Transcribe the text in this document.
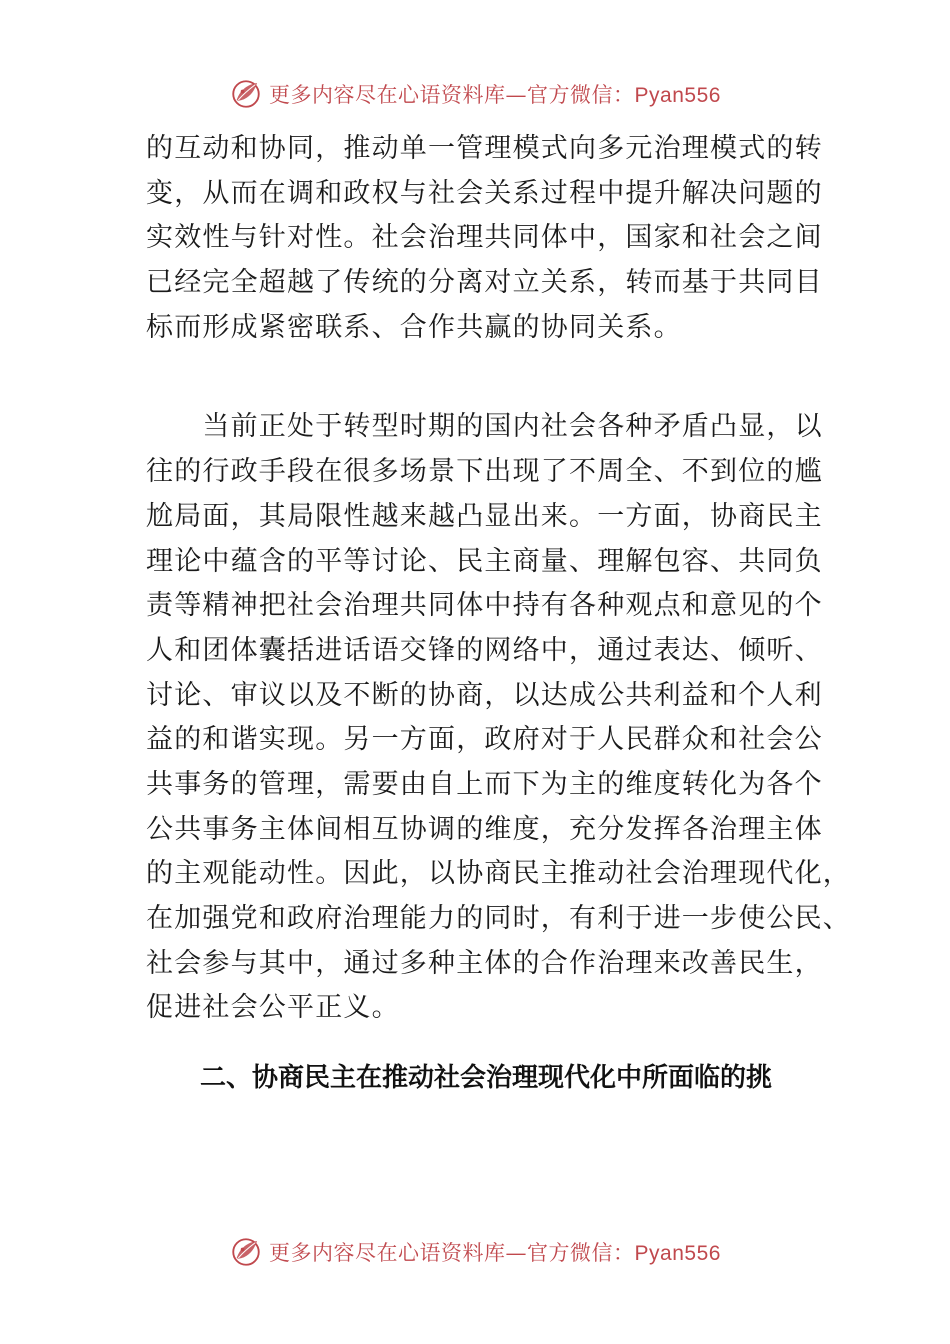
更多内容尽在心语资料库—官方微信：Pyan556
的互动和协同，推动单一管理模式向多元治理模式的转
变，从而在调和政权与社会关系过程中提升解决问题的
实效性与针对性。社会治理共同体中，国家和社会之间
已经完全超越了传统的分离对立关系，转而基于共同目
标而形成紧密联系、合作共赢的协同关系。
　　当前正处于转型时期的国内社会各种矛盾凸显，以
往的行政手段在很多场景下出现了不周全、不到位的尴
尬局面，其局限性越来越凸显出来。一方面，协商民主
理论中蕴含的平等讨论、民主商量、理解包容、共同负
责等精神把社会治理共同体中持有各种观点和意见的个
人和团体囊括进话语交锋的网络中，通过表达、倾听、
讨论、审议以及不断的协商，以达成公共利益和个人利
益的和谐实现。另一方面，政府对于人民群众和社会公
共事务的管理，需要由自上而下为主的维度转化为各个
公共事务主体间相互协调的维度，充分发挥各治理主体
的主观能动性。因此，以协商民主推动社会治理现代化，
在加强党和政府治理能力的同时，有利于进一步使公民、
社会参与其中，通过多种主体的合作治理来改善民生，
促进社会公平正义。
二、协商民主在推动社会治理现代化中所面临的挑
更多内容尽在心语资料库—官方微信：Pyan556
